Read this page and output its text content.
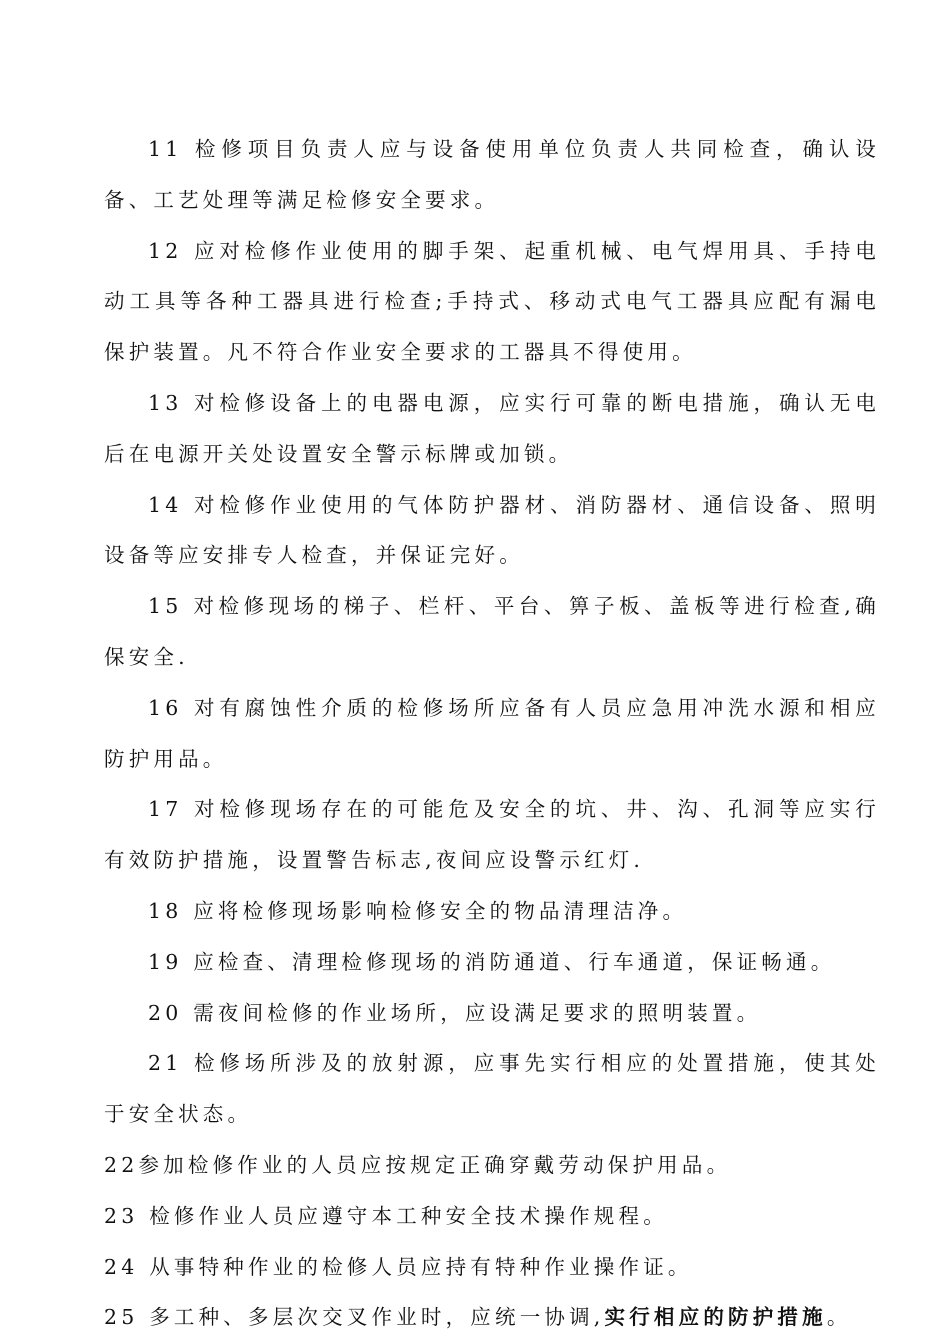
11 检修项目负责人应与设备使用单位负责人共同检查，确认设备、工艺处理等满足检修安全要求。

12 应对检修作业使用的脚手架、起重机械、电气焊用具、手持电动工具等各种工器具进行检查;手持式、移动式电气工器具应配有漏电保护装置。凡不符合作业安全要求的工器具不得使用。

13 对检修设备上的电器电源，应实行可靠的断电措施，确认无电后在电源开关处设置安全警示标牌或加锁。

14 对检修作业使用的气体防护器材、消防器材、通信设备、照明设备等应安排专人检查，并保证完好。

15 对检修现场的梯子、栏杆、平台、箅子板、盖板等进行检查,确保安全.

16 对有腐蚀性介质的检修场所应备有人员应急用冲洗水源和相应防护用品。

17 对检修现场存在的可能危及安全的坑、井、沟、孔洞等应实行有效防护措施，设置警告标志,夜间应设警示红灯.

18 应将检修现场影响检修安全的物品清理洁净。

19 应检查、清理检修现场的消防通道、行车通道，保证畅通。

20 需夜间检修的作业场所，应设满足要求的照明装置。

21 检修场所涉及的放射源，应事先实行相应的处置措施，使其处于安全状态。

22参加检修作业的人员应按规定正确穿戴劳动保护用品。

23 检修作业人员应遵守本工种安全技术操作规程。

24 从事特种作业的检修人员应持有特种作业操作证。

25 多工种、多层次交叉作业时，应统一协调,实行相应的防护措施。
